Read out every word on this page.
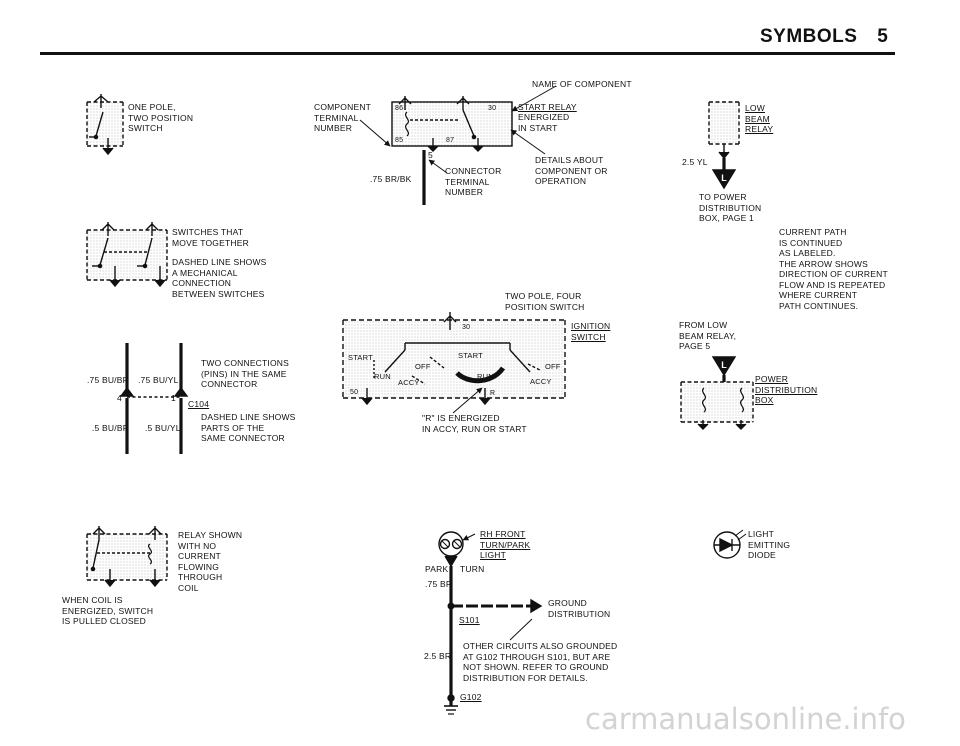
SYMBOLS 5
L
L
ONE POLE,
TWO POSITION
SWITCH
SWITCHES THAT
MOVE TOGETHER
DASHED LINE SHOWS
A MECHANICAL
CONNECTION
BETWEEN SWITCHES
.75 BU/BR .75 BU/YL
.5 BU/BR .5 BU/YL
4	1
C104
TWO CONNECTIONS
(PINS) IN THE SAME
CONNECTOR
DASHED LINE SHOWS
PARTS OF THE
SAME CONNECTOR
RELAY SHOWN
WITH NO
CURRENT
FLOWING
THROUGH
COIL
WHEN COIL IS
ENERGIZED, SWITCH
IS PULLED CLOSED
NAME OF COMPONENT
COMPONENT
TERMINAL
NUMBER
START RELAY
ENERGIZED
IN START
DETAILS ABOUT
COMPONENT OR
OPERATION
86	30
85	87
5
.75 BR/BK
CONNECTOR
TERMINAL
NUMBER
TWO POLE, FOUR
POSITION SWITCH
IGNITION
SWITCH
30
50	R
START	START
OFF	OFF
RUN	RUN
ACCY	ACCY
"R" IS ENERGIZED
IN ACCY, RUN OR START
LOW
BEAM
RELAY
2.5 YL
TO POWER
DISTRIBUTION
BOX, PAGE 1
CURRENT PATH
IS CONTINUED
AS LABELED.
THE ARROW SHOWS
DIRECTION OF CURRENT
FLOW AND IS REPEATED
WHERE CURRENT
PATH CONTINUES.
FROM LOW
BEAM RELAY,
PAGE 5
POWER
DISTRIBUTION
BOX
RH FRONT
TURN/PARK
LIGHT
PARK TURN
.75 BR
S101
GROUND
DISTRIBUTION
2.5 BR
OTHER CIRCUITS ALSO GROUNDED
AT G102 THROUGH S101, BUT ARE
NOT SHOWN. REFER TO GROUND
DISTRIBUTION FOR DETAILS.
G102
LIGHT
EMITTING
DIODE
carmanualsonline.info
